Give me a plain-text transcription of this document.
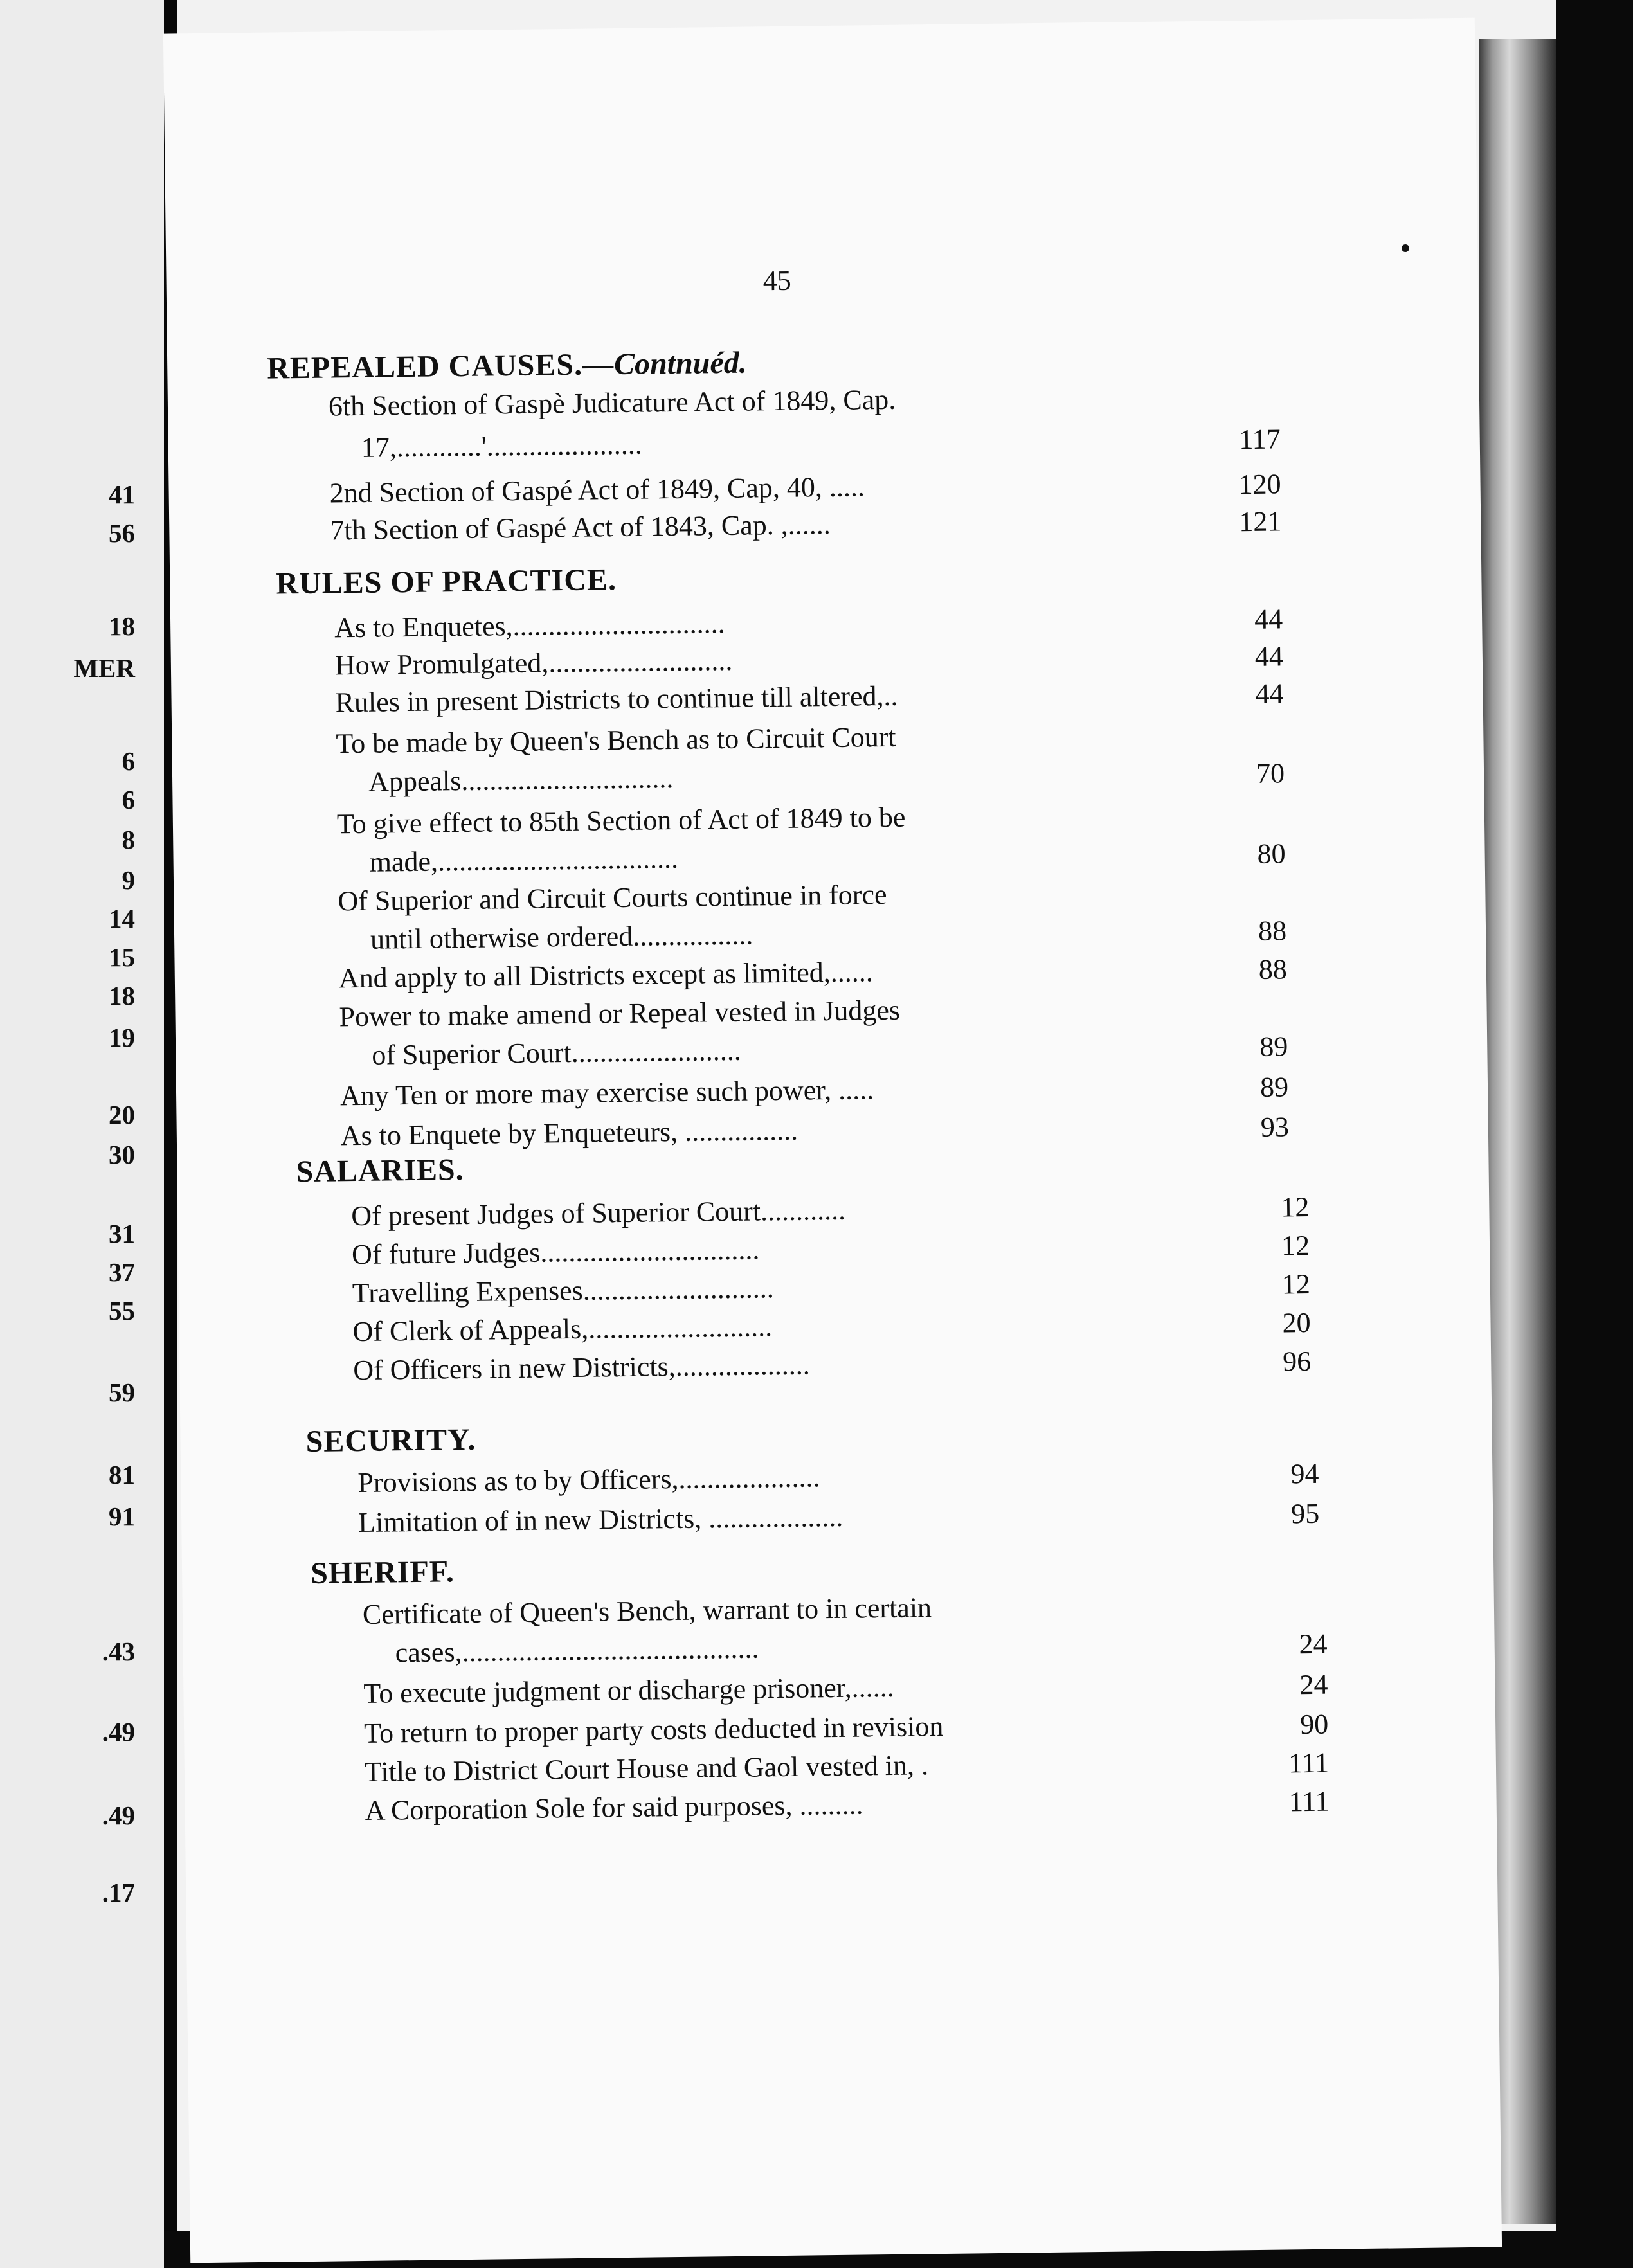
41
56
18
MER
6
6
8
9
14
15
18
19
20
30
31
37
55
59
81
91
.43
.49
.49
.17
45
REPEALED CAUSES.—Contnuéd.
6th Section of Gaspè Judicature Act of 1849, Cap.
17,............'......................	117
2nd Section of Gaspé Act of 1849, Cap, 40, .....	120
7th Section of Gaspé Act of 1843, Cap. ,......	121
RULES OF PRACTICE.
As to Enquetes,..............................	44
How Promulgated,..........................	44
Rules in present Districts to continue till altered,..	44
To be made by Queen's Bench as to Circuit Court
Appeals..............................	70
To give effect to 85th Section of Act of 1849 to be
made,..................................	80
Of Superior and Circuit Courts continue in force
until otherwise ordered.................	88
And apply to all Districts except as limited,......	88
Power to make amend or Repeal vested in Judges
of Superior Court........................	89
Any Ten or more may exercise such power, .....	89
As to Enquete by Enqueteurs, ................	93
SALARIES.
Of present Judges of Superior Court............	12
Of future Judges...............................	12
Travelling Expenses...........................	12
Of Clerk of Appeals,..........................	20
Of Officers in new Districts,...................	96
SECURITY.
Provisions as to by Officers,....................	94
Limitation of in new Districts, ...................	95
SHERIFF.
Certificate of Queen's Bench, warrant to in certain
cases,..........................................	24
To execute judgment or discharge prisoner,......	24
To return to proper party costs deducted in revision	90
Title to District Court House and Gaol vested in, .	111
A Corporation Sole for said purposes, .........	111
